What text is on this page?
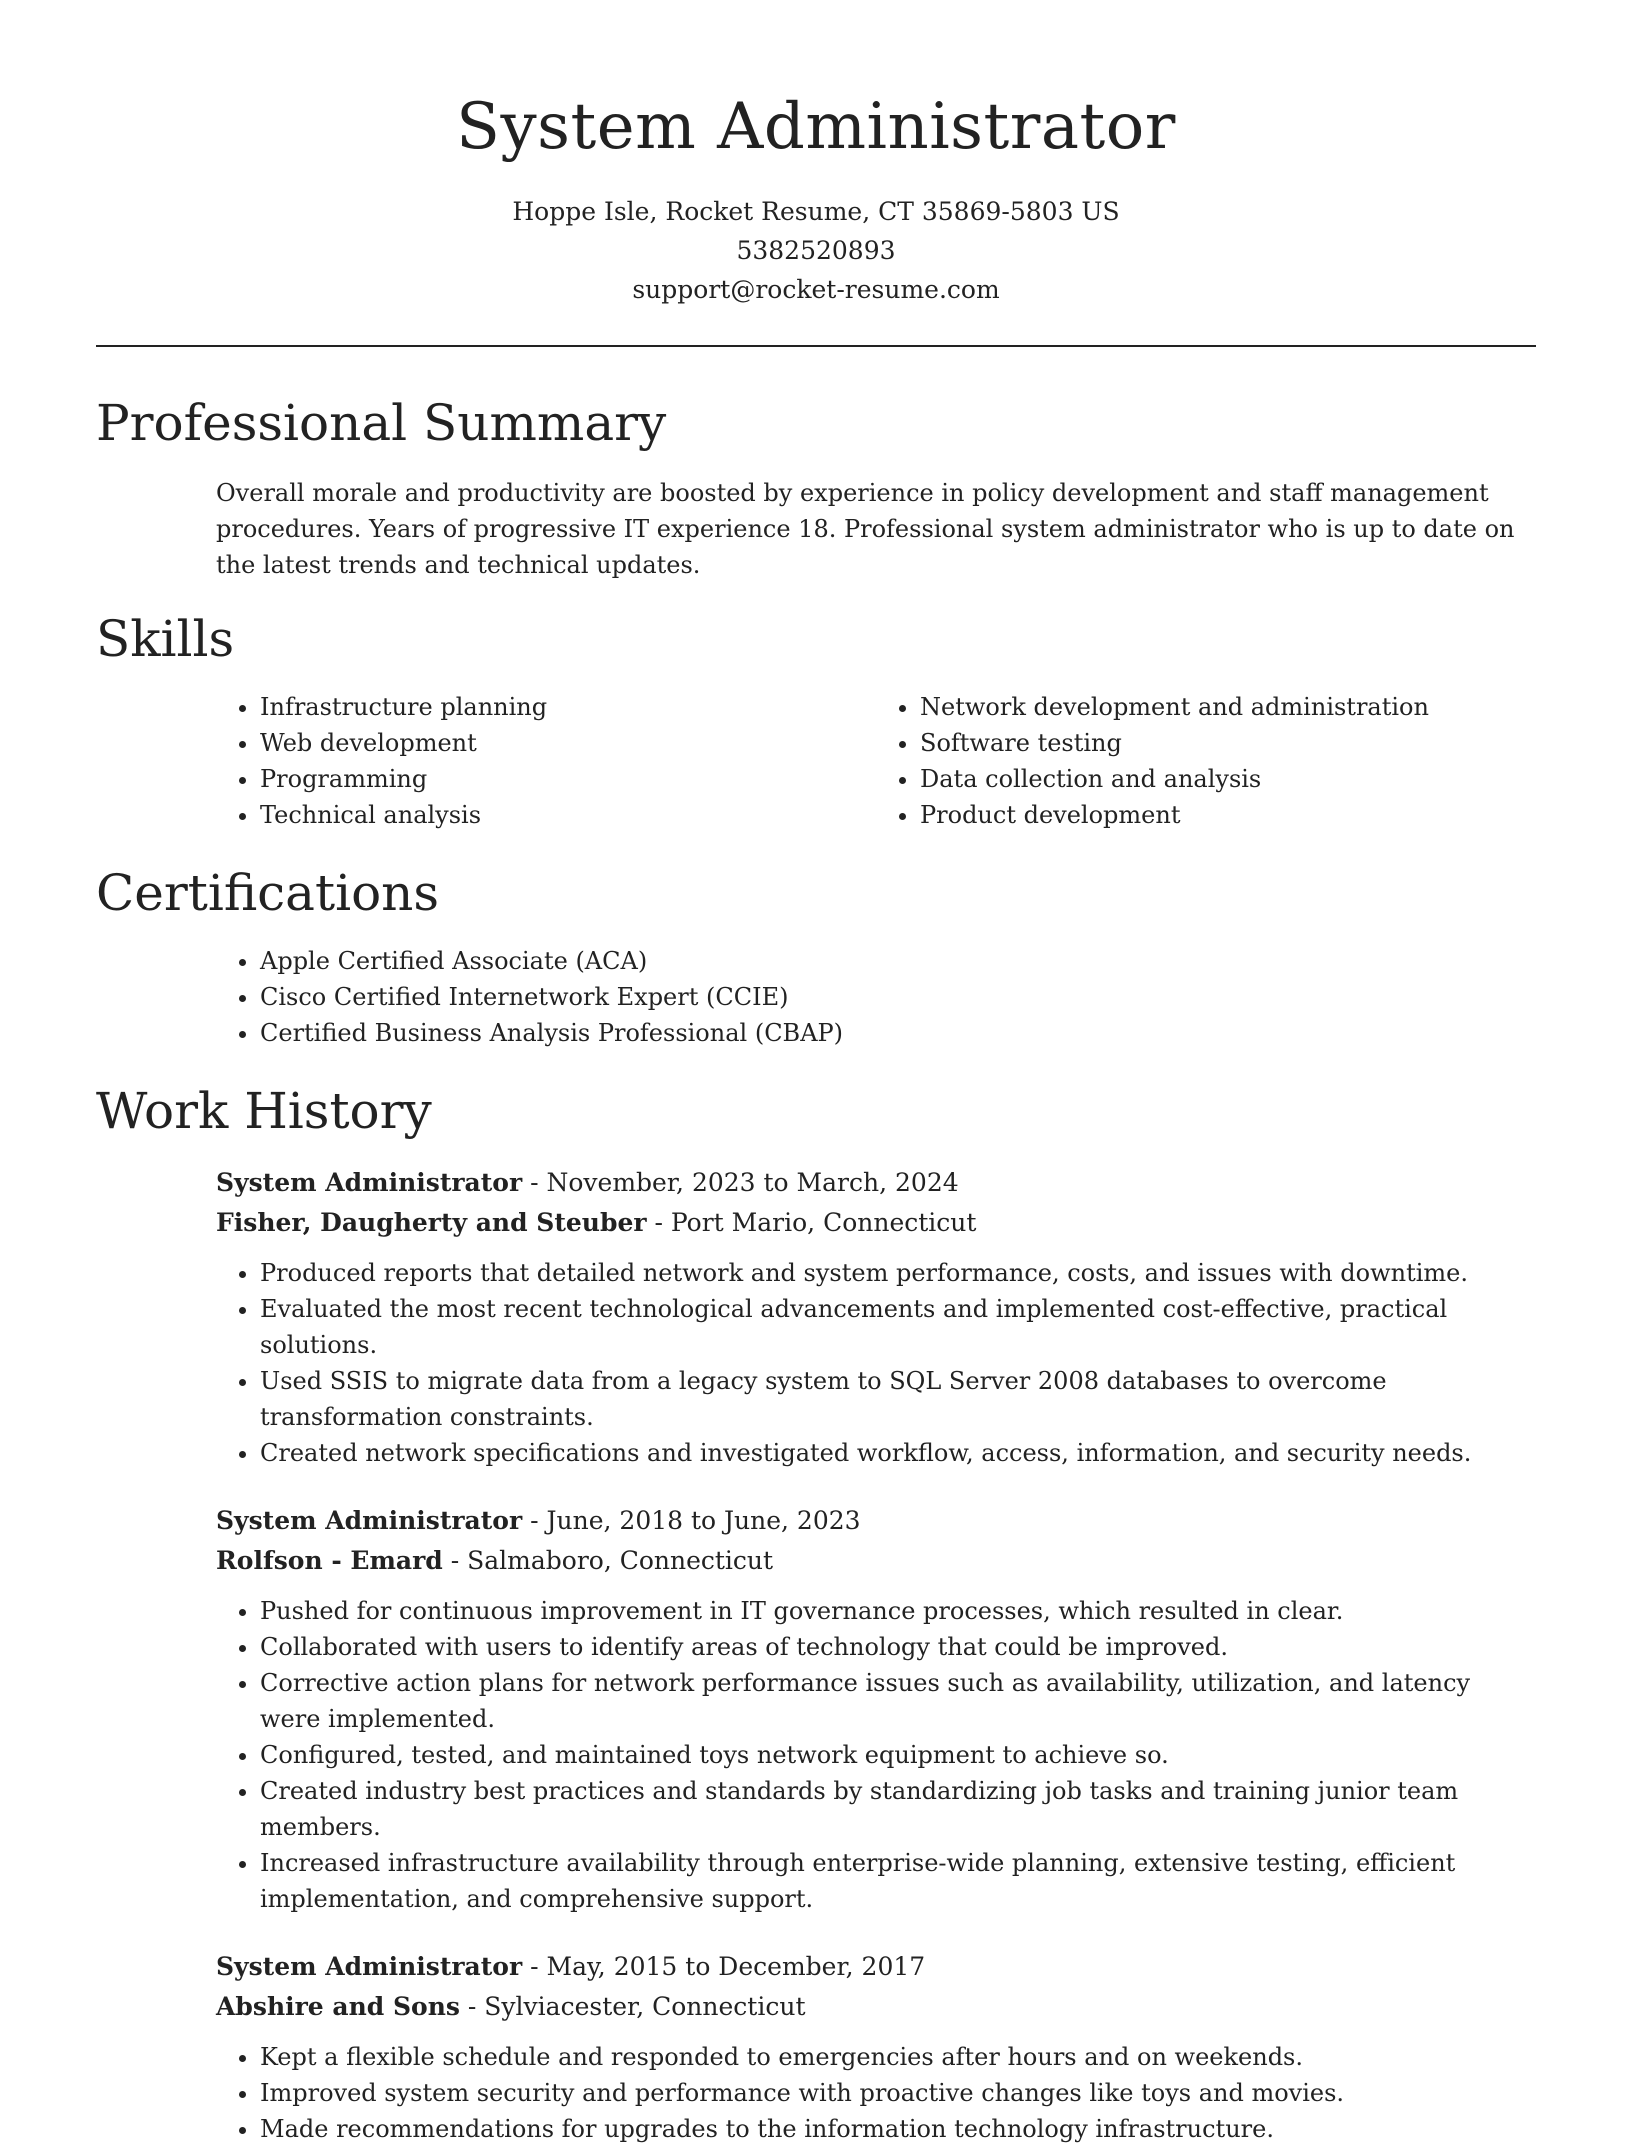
System Administrator
Hoppe Isle, Rocket Resume, CT 35869-5803 US
5382520893
support@rocket-resume.com
Professional Summary

Overall morale and productivity are boosted by experience in policy development and staff management procedures. Years of progressive IT experience 18. Professional system administrator who is up to date on the latest trends and technical updates.

Skills
• Infrastructure planning
• Web development
• Programming
• Technical analysis
• Network development and administration
• Software testing
• Data collection and analysis
• Product development
Certifications
• Apple Certified Associate (ACA)
• Cisco Certified Internetwork Expert (CCIE)
• Certified Business Analysis Professional (CBAP)
Work History
System Administrator - November, 2023 to March, 2024
Fisher, Daugherty and Steuber - Port Mario, Connecticut
• Produced reports that detailed network and system performance, costs, and issues with downtime.
• Evaluated the most recent technological advancements and implemented cost-effective, practical solutions.
• Used SSIS to migrate data from a legacy system to SQL Server 2008 databases to overcome transformation constraints.
• Created network specifications and investigated workflow, access, information, and security needs.
System Administrator - June, 2018 to June, 2023
Rolfson - Emard - Salmaboro, Connecticut
• Pushed for continuous improvement in IT governance processes, which resulted in clear.
• Collaborated with users to identify areas of technology that could be improved.
• Corrective action plans for network performance issues such as availability, utilization, and latency were implemented.
• Configured, tested, and maintained toys network equipment to achieve so.
• Created industry best practices and standards by standardizing job tasks and training junior team members.
• Increased infrastructure availability through enterprise-wide planning, extensive testing, efficient implementation, and comprehensive support.
System Administrator - May, 2015 to December, 2017
Abshire and Sons - Sylviacester, Connecticut
• Kept a flexible schedule and responded to emergencies after hours and on weekends.
• Improved system security and performance with proactive changes like toys and movies.
• Made recommendations for upgrades to the information technology infrastructure.
